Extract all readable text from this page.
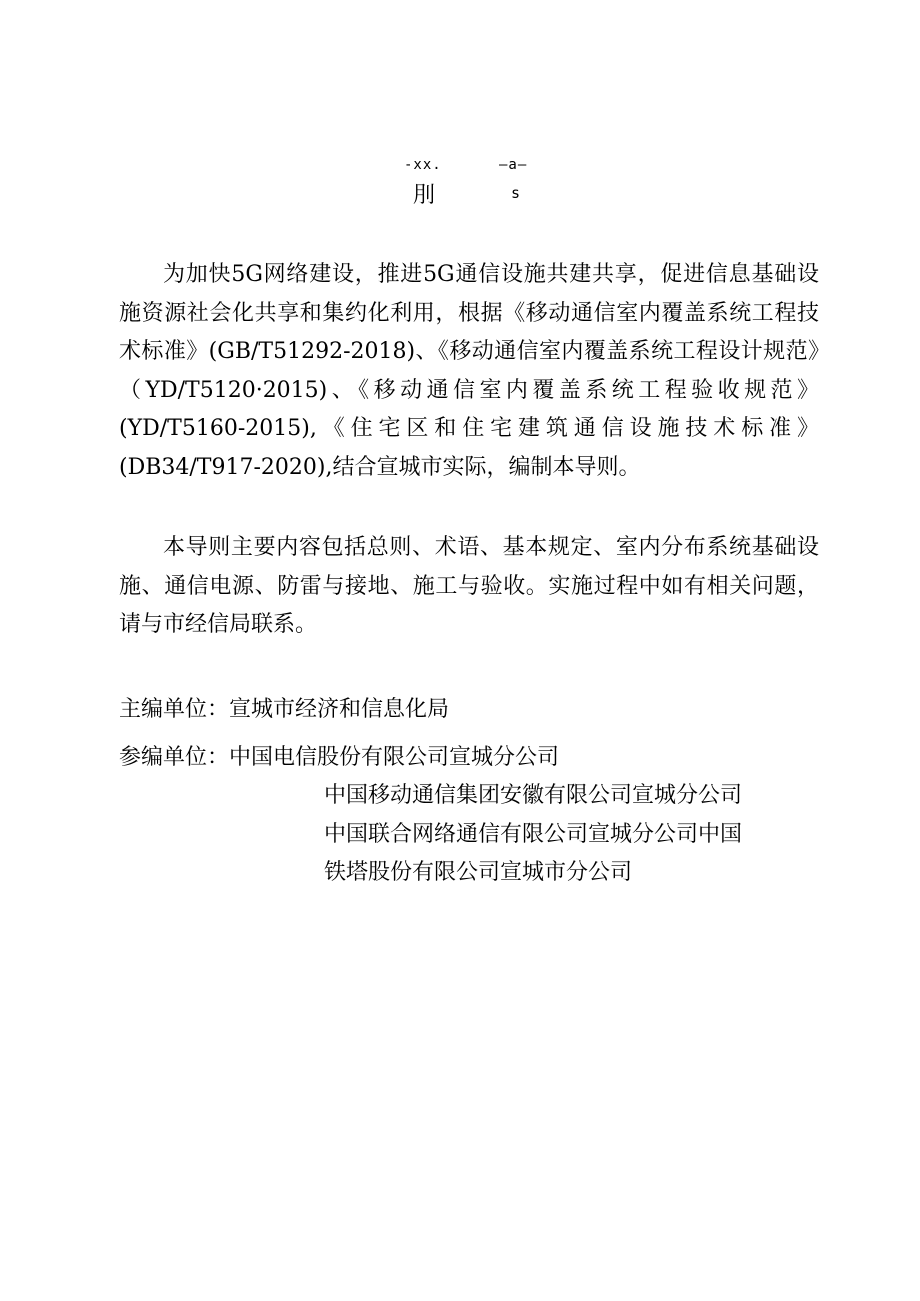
-xx.	–a–
刖	s

为加快5G网络建设，推进5G通信设施共建共享，促进信息基础设施资源社会化共享和集约化利用，根据《移动通信室内覆盖系统工程技术标准》(GB/T51292-2018)、《移动通信室内覆盖系统工程设计规范》（YD/T5120·2015)、《移动通信室内覆盖系统工程验收规范》(YD/T5160-2015),《住宅区和住宅建筑通信设施技术标准》(DB34/T917-2020),结合宣城市实际，编制本导则。

本导则主要内容包括总则、术语、基本规定、室内分布系统基础设施、通信电源、防雷与接地、施工与验收。实施过程中如有相关问题，请与市经信局联系。

主编单位： 宣城市经济和信息化局
参编单位： 中国电信股份有限公司宣城分公司
中国移动通信集团安徽有限公司宣城分公司
中国联合网络通信有限公司宣城分公司中国
铁塔股份有限公司宣城市分公司
